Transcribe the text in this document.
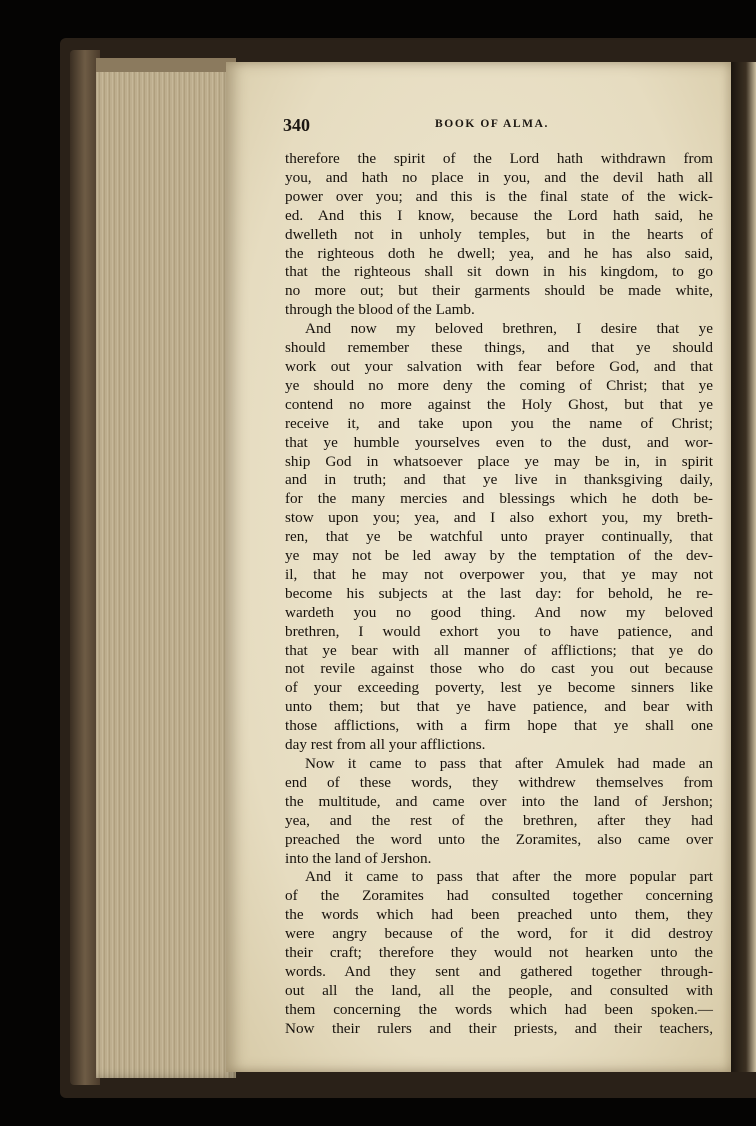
340	BOOK OF ALMA.
therefore the spirit of the Lord hath withdrawn from
you, and hath no place in you, and the devil hath all
power over you; and this is the final state of the wick-
ed. And this I know, because the Lord hath said, he
dwelleth not in unholy temples, but in the hearts of
the righteous doth he dwell; yea, and he has also said,
that the righteous shall sit down in his kingdom, to go
no more out; but their garments should be made white,
through the blood of the Lamb.
And now my beloved brethren, I desire that ye
should remember these things, and that ye should
work out your salvation with fear before God, and that
ye should no more deny the coming of Christ; that ye
contend no more against the Holy Ghost, but that ye
receive it, and take upon you the name of Christ;
that ye humble yourselves even to the dust, and wor-
ship God in whatsoever place ye may be in, in spirit
and in truth; and that ye live in thanksgiving daily,
for the many mercies and blessings which he doth be-
stow upon you; yea, and I also exhort you, my breth-
ren, that ye be watchful unto prayer continually, that
ye may not be led away by the temptation of the dev-
il, that he may not overpower you, that ye may not
become his subjects at the last day: for behold, he re-
wardeth you no good thing. And now my beloved
brethren, I would exhort you to have patience, and
that ye bear with all manner of afflictions; that ye do
not revile against those who do cast you out because
of your exceeding poverty, lest ye become sinners like
unto them; but that ye have patience, and bear with
those afflictions, with a firm hope that ye shall one
day rest from all your afflictions.
Now it came to pass that after Amulek had made an
end of these words, they withdrew themselves from
the multitude, and came over into the land of Jershon;
yea, and the rest of the brethren, after they had
preached the word unto the Zoramites, also came over
into the land of Jershon.
And it came to pass that after the more popular part
of the Zoramites had consulted together concerning
the words which had been preached unto them, they
were angry because of the word, for it did destroy
their craft; therefore they would not hearken unto the
words. And they sent and gathered together through-
out all the land, all the people, and consulted with
them concerning the words which had been spoken.—
Now their rulers and their priests, and their teachers,
